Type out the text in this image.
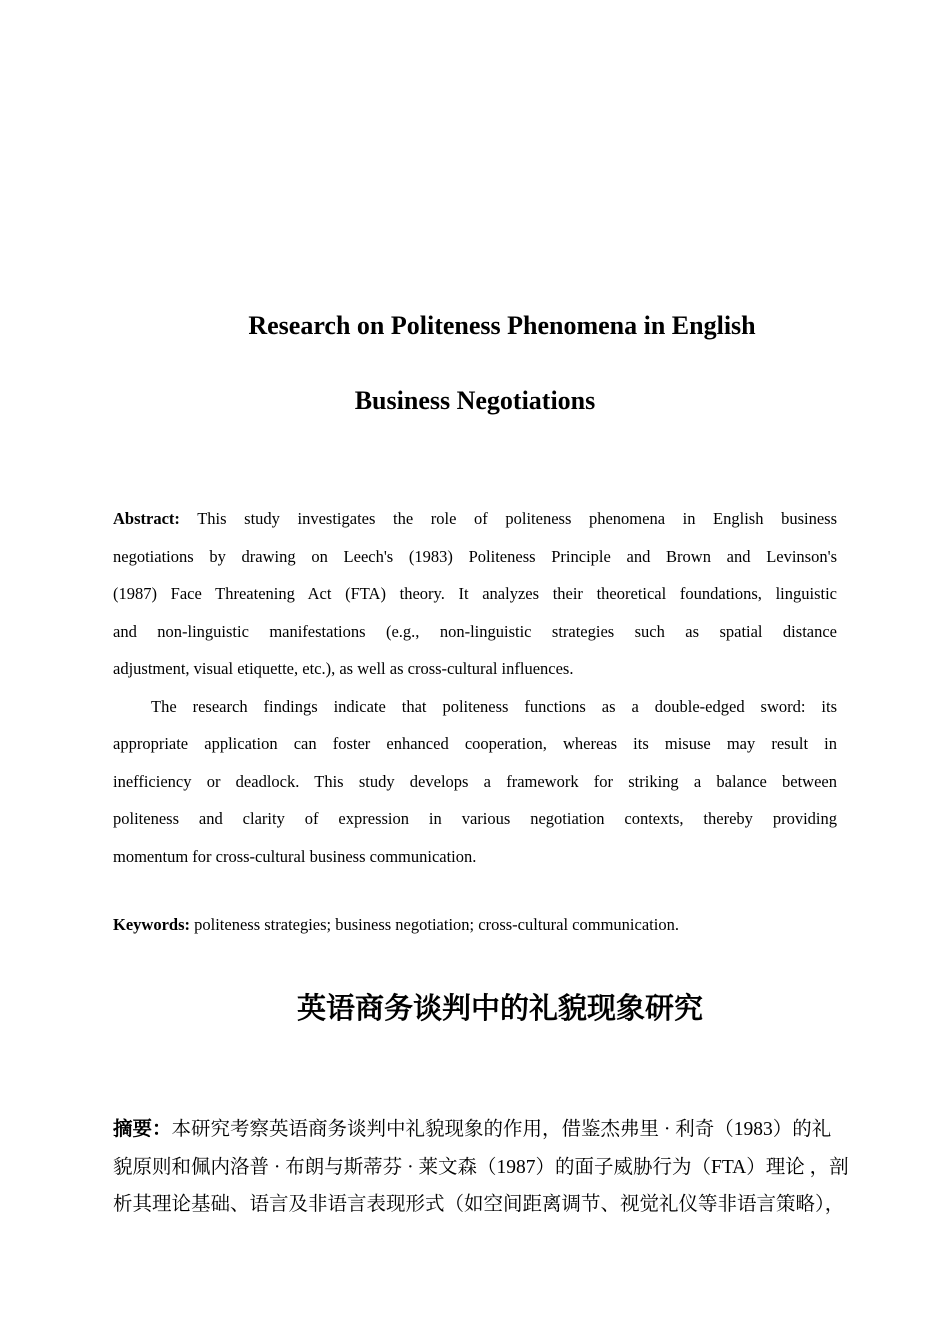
Research on Politeness Phenomena in English
Business Negotiations
Abstract: This study investigates the role of politeness phenomena in English business
negotiations by drawing on Leech's (1983) Politeness Principle and Brown and Levinson's
(1987) Face Threatening Act (FTA) theory. It analyzes their theoretical foundations, linguistic
and non-linguistic manifestations (e.g., non-linguistic strategies such as spatial distance
adjustment, visual etiquette, etc.), as well as cross-cultural influences.
The research findings indicate that politeness functions as a double-edged sword: its
appropriate application can foster enhanced cooperation, whereas its misuse may result in
inefficiency or deadlock. This study develops a framework for striking a balance between
politeness and clarity of expression in various negotiation contexts, thereby providing
momentum for cross-cultural business communication.
Keywords: politeness strategies; business negotiation; cross-cultural communication.
英语商务谈判中的礼貌现象研究
摘要：本研究考察英语商务谈判中礼貌现象的作用，借鉴杰弗里 · 利奇（1983）的礼
貌原则和佩内洛普 · 布朗与斯蒂芬 · 莱文森（1987）的面子威胁行为（FTA）理论 ，剖
析其理论基础、语言及非语言表现形式（如空间距离调节、视觉礼仪等非语言策略），
